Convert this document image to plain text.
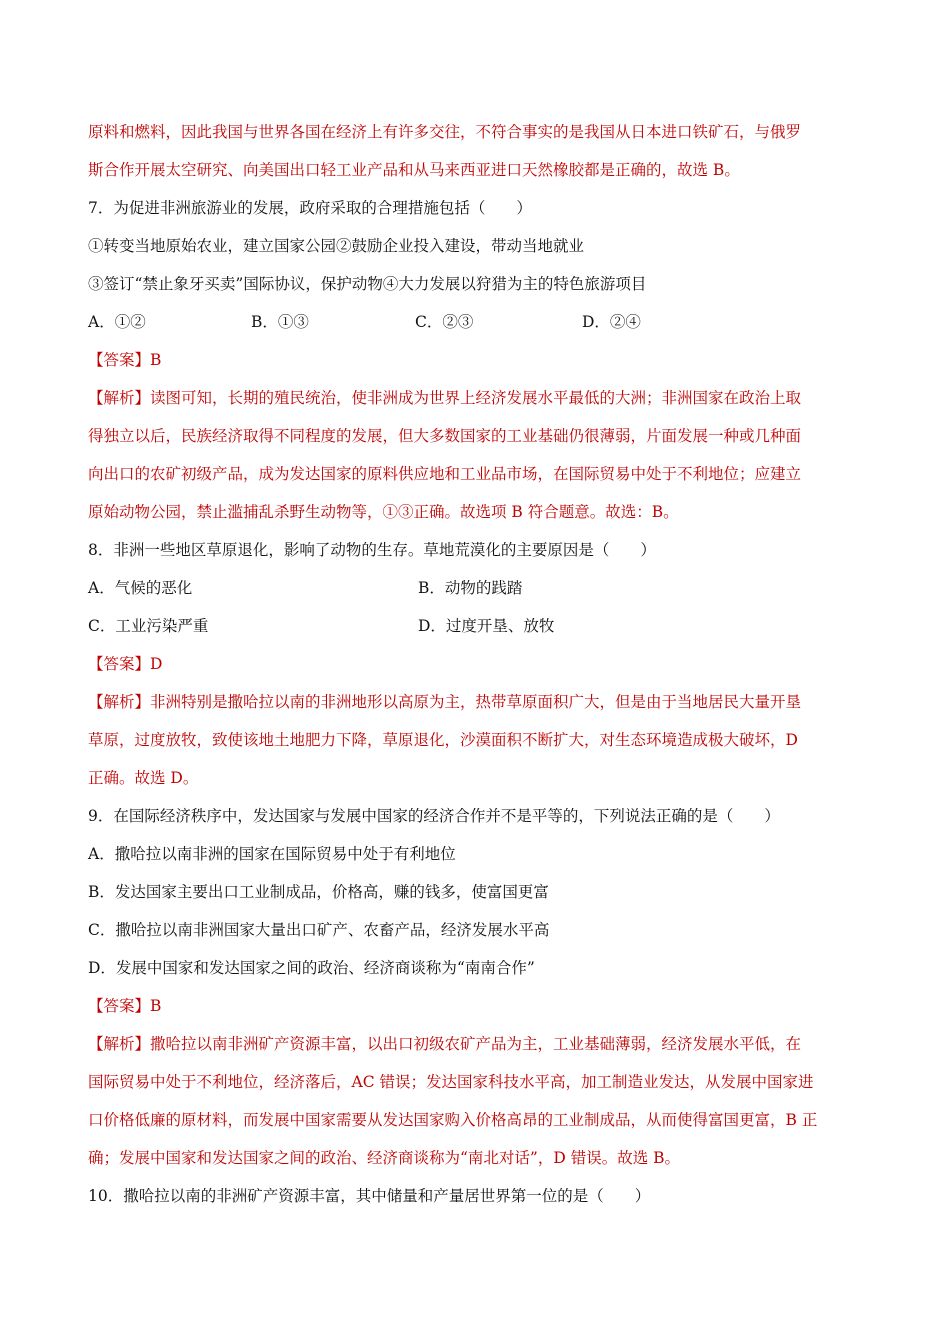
原料和燃料，因此我国与世界各国在经济上有许多交往，不符合事实的是我国从日本进口铁矿石，与俄罗
斯合作开展太空研究、向美国出口轻工业产品和从马来西亚进口天然橡胶都是正确的，故选 B。
7．为促进非洲旅游业的发展，政府采取的合理措施包括（　　）
①转变当地原始农业，建立国家公园②鼓励企业投入建设，带动当地就业
③签订“禁止象牙买卖”国际协议，保护动物④大力发展以狩猎为主的特色旅游项目
A．①②	B．①③	C．②③	D．②④
【答案】B
【解析】读图可知，长期的殖民统治，使非洲成为世界上经济发展水平最低的大洲；非洲国家在政治上取
得独立以后，民族经济取得不同程度的发展，但大多数国家的工业基础仍很薄弱，片面发展一种或几种面
向出口的农矿初级产品，成为发达国家的原料供应地和工业品市场，在国际贸易中处于不利地位；应建立
原始动物公园，禁止滥捕乱杀野生动物等，①③正确。故选项 B 符合题意。故选：B。
8．非洲一些地区草原退化，影响了动物的生存。草地荒漠化的主要原因是（　　）
A．气候的恶化	B．动物的践踏
C．工业污染严重	D．过度开垦、放牧
【答案】D
【解析】非洲特别是撒哈拉以南的非洲地形以高原为主，热带草原面积广大，但是由于当地居民大量开垦
草原，过度放牧，致使该地土地肥力下降，草原退化，沙漠面积不断扩大，对生态环境造成极大破坏，D
正确。故选 D。
9．在国际经济秩序中，发达国家与发展中国家的经济合作并不是平等的，下列说法正确的是（　　）
A．撒哈拉以南非洲的国家在国际贸易中处于有利地位
B．发达国家主要出口工业制成品，价格高，赚的钱多，使富国更富
C．撒哈拉以南非洲国家大量出口矿产、农畜产品，经济发展水平高
D．发展中国家和发达国家之间的政治、经济商谈称为“南南合作”
【答案】B
【解析】撒哈拉以南非洲矿产资源丰富，以出口初级农矿产品为主，工业基础薄弱，经济发展水平低，在
国际贸易中处于不利地位，经济落后，AC 错误；发达国家科技水平高，加工制造业发达，从发展中国家进
口价格低廉的原材料，而发展中国家需要从发达国家购入价格高昂的工业制成品，从而使得富国更富，B 正
确；发展中国家和发达国家之间的政治、经济商谈称为“南北对话”，D 错误。故选 B。
10．撒哈拉以南的非洲矿产资源丰富，其中储量和产量居世界第一位的是（　　）
